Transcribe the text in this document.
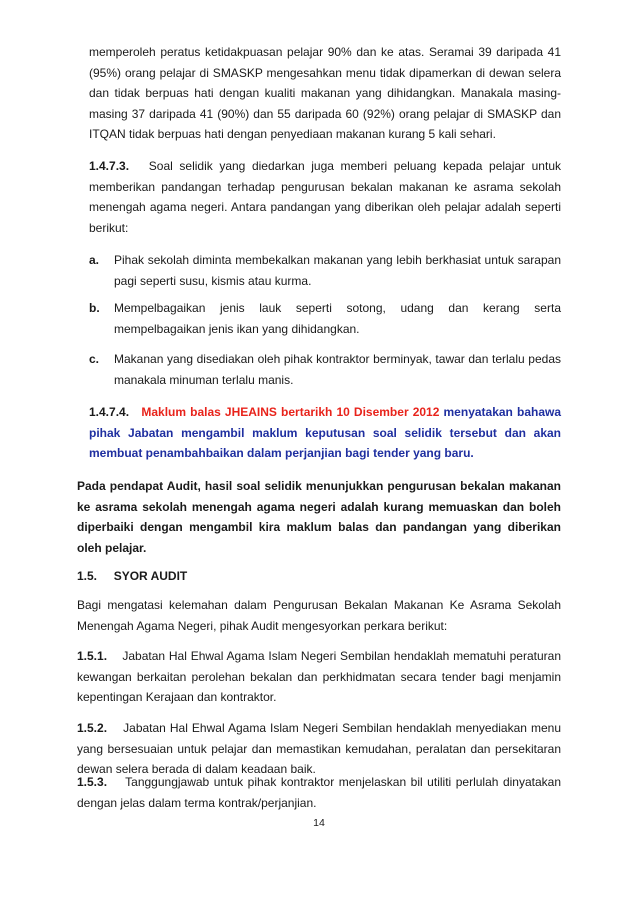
memperoleh peratus ketidakpuasan pelajar 90% dan ke atas. Seramai 39 daripada 41 (95%) orang pelajar di SMASKP mengesahkan menu tidak dipamerkan di dewan selera dan tidak berpuas hati dengan kualiti makanan yang dihidangkan. Manakala masing-masing 37 daripada 41 (90%) dan 55 daripada 60 (92%) orang pelajar di SMASKP dan ITQAN tidak berpuas hati dengan penyediaan makanan kurang 5 kali sehari.

1.4.7.3. Soal selidik yang diedarkan juga memberi peluang kepada pelajar untuk memberikan pandangan terhadap pengurusan bekalan makanan ke asrama sekolah menengah agama negeri. Antara pandangan yang diberikan oleh pelajar adalah seperti berikut:

a. Pihak sekolah diminta membekalkan makanan yang lebih berkhasiat untuk sarapan pagi seperti susu, kismis atau kurma.

b. Mempelbagaikan jenis lauk seperti sotong, udang dan kerang serta mempelbagaikan jenis ikan yang dihidangkan.

c. Makanan yang disediakan oleh pihak kontraktor berminyak, tawar dan terlalu pedas manakala minuman terlalu manis.

1.4.7.4. Maklum balas JHEAINS bertarikh 10 Disember 2012 menyatakan bahawa pihak Jabatan mengambil maklum keputusan soal selidik tersebut dan akan membuat penambahbaikan dalam perjanjian bagi tender yang baru.

Pada pendapat Audit, hasil soal selidik menunjukkan pengurusan bekalan makanan ke asrama sekolah menengah agama negeri adalah kurang memuaskan dan boleh diperbaiki dengan mengambil kira maklum balas dan pandangan yang diberikan oleh pelajar.

1.5. SYOR AUDIT

Bagi mengatasi kelemahan dalam Pengurusan Bekalan Makanan Ke Asrama Sekolah Menengah Agama Negeri, pihak Audit mengesyorkan perkara berikut:

1.5.1. Jabatan Hal Ehwal Agama Islam Negeri Sembilan hendaklah mematuhi peraturan kewangan berkaitan perolehan bekalan dan perkhidmatan secara tender bagi menjamin kepentingan Kerajaan dan kontraktor.

1.5.2. Jabatan Hal Ehwal Agama Islam Negeri Sembilan hendaklah menyediakan menu yang bersesuaian untuk pelajar dan memastikan kemudahan, peralatan dan persekitaran dewan selera berada di dalam keadaan baik.

1.5.3. Tanggungjawab untuk pihak kontraktor menjelaskan bil utiliti perlulah dinyatakan dengan jelas dalam terma kontrak/perjanjian.

14
